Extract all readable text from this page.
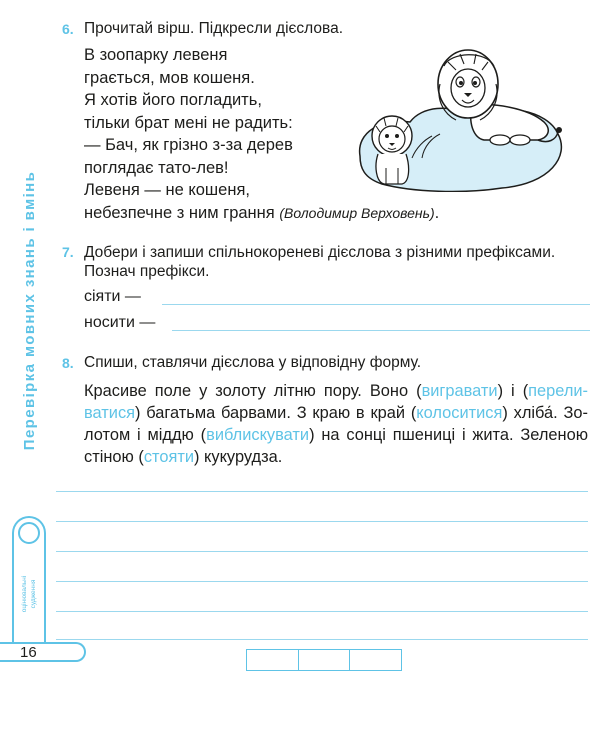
Перевірка мовних знань і вмінь
оцінювальні судження
16
6. Прочитай вірш. Підкресли дієслова.
В зоопарку левеня
грається, мов кошеня.
Я хотів його погладить,
тільки брат мені не радить:
— Бач, як грізно з-за дерев
поглядає тато-лев!
Левеня — не кошеня,
небезпечне з ним грання (Володимир Верховень).
7. Добери і запиши спільнокореневі дієслова з різними префіксами.
Познач префікси.
сіяти —
носити —
8. Спиши, ставлячи дієслова у відповідну форму.
Красиве поле у золоту літню пору. Воно (вигравати) і (перели-
ватися) багатьма барвами. З краю в край (колоситися) хліба́. Зо-
лотом і міддю (виблискувати) на сонці пшениці і жита. Зеленою
стіною (стояти) кукурудза.
